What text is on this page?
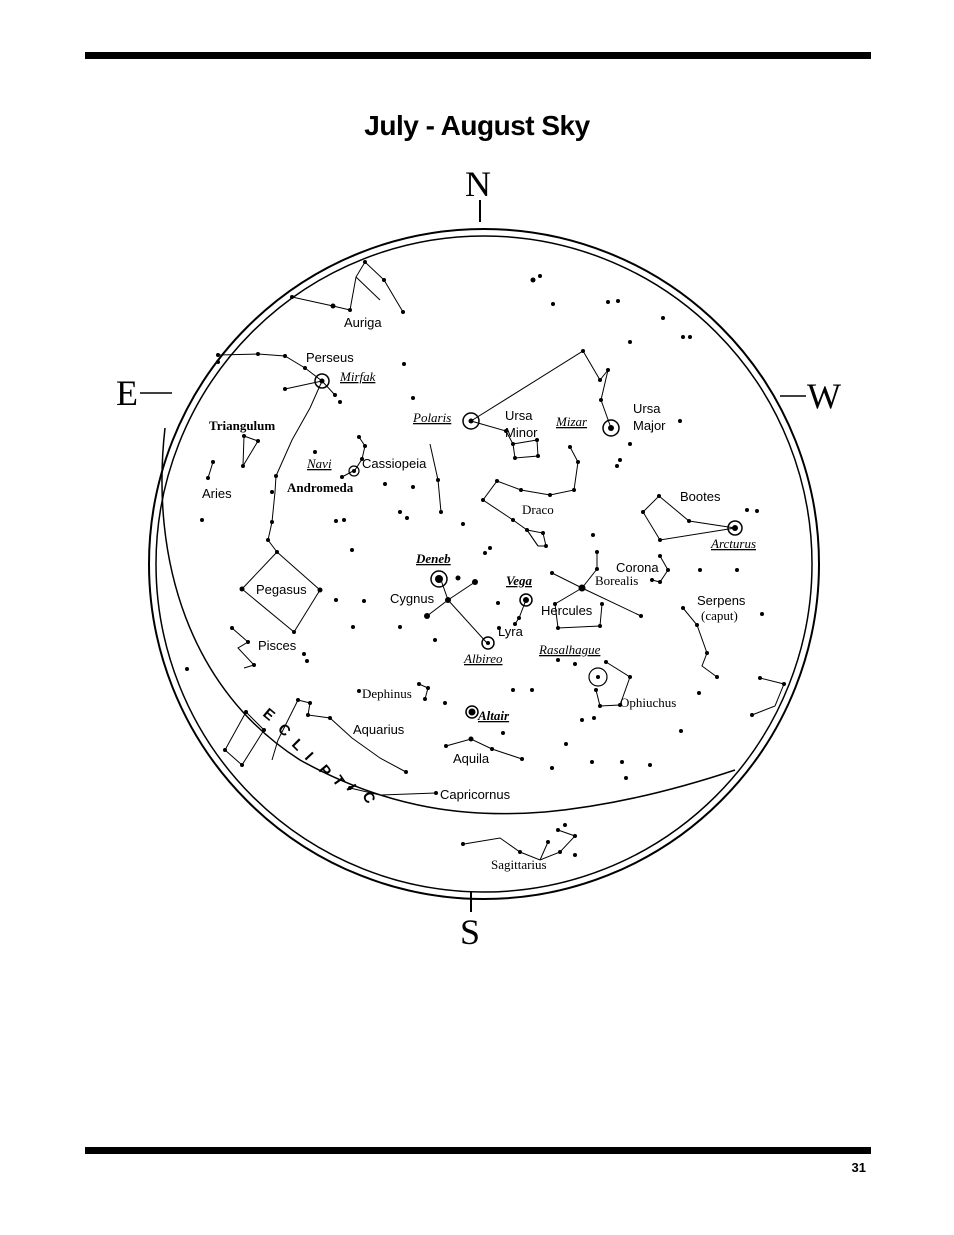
July - August Sky
N
S
E	W
E
C
L
I
P
T
I
C
Auriga
Perseus
Mirfak
Triangulum
Polaris	Ursa
Minor
Mizar
Ursa
Major
Navi Cassiopeia
Aries	Andromeda
Draco
Bootes
Arcturus
Deneb
Vega
Corona
Borealis
Cygnus
Pegasus
Hercules
Serpens
(caput)
Lyra
Pisces
Albireo
Rasalhague
Dephinus
Ophiuchus
Altair
Aquarius
Aquila
Capricornus
Sagittarius
31
